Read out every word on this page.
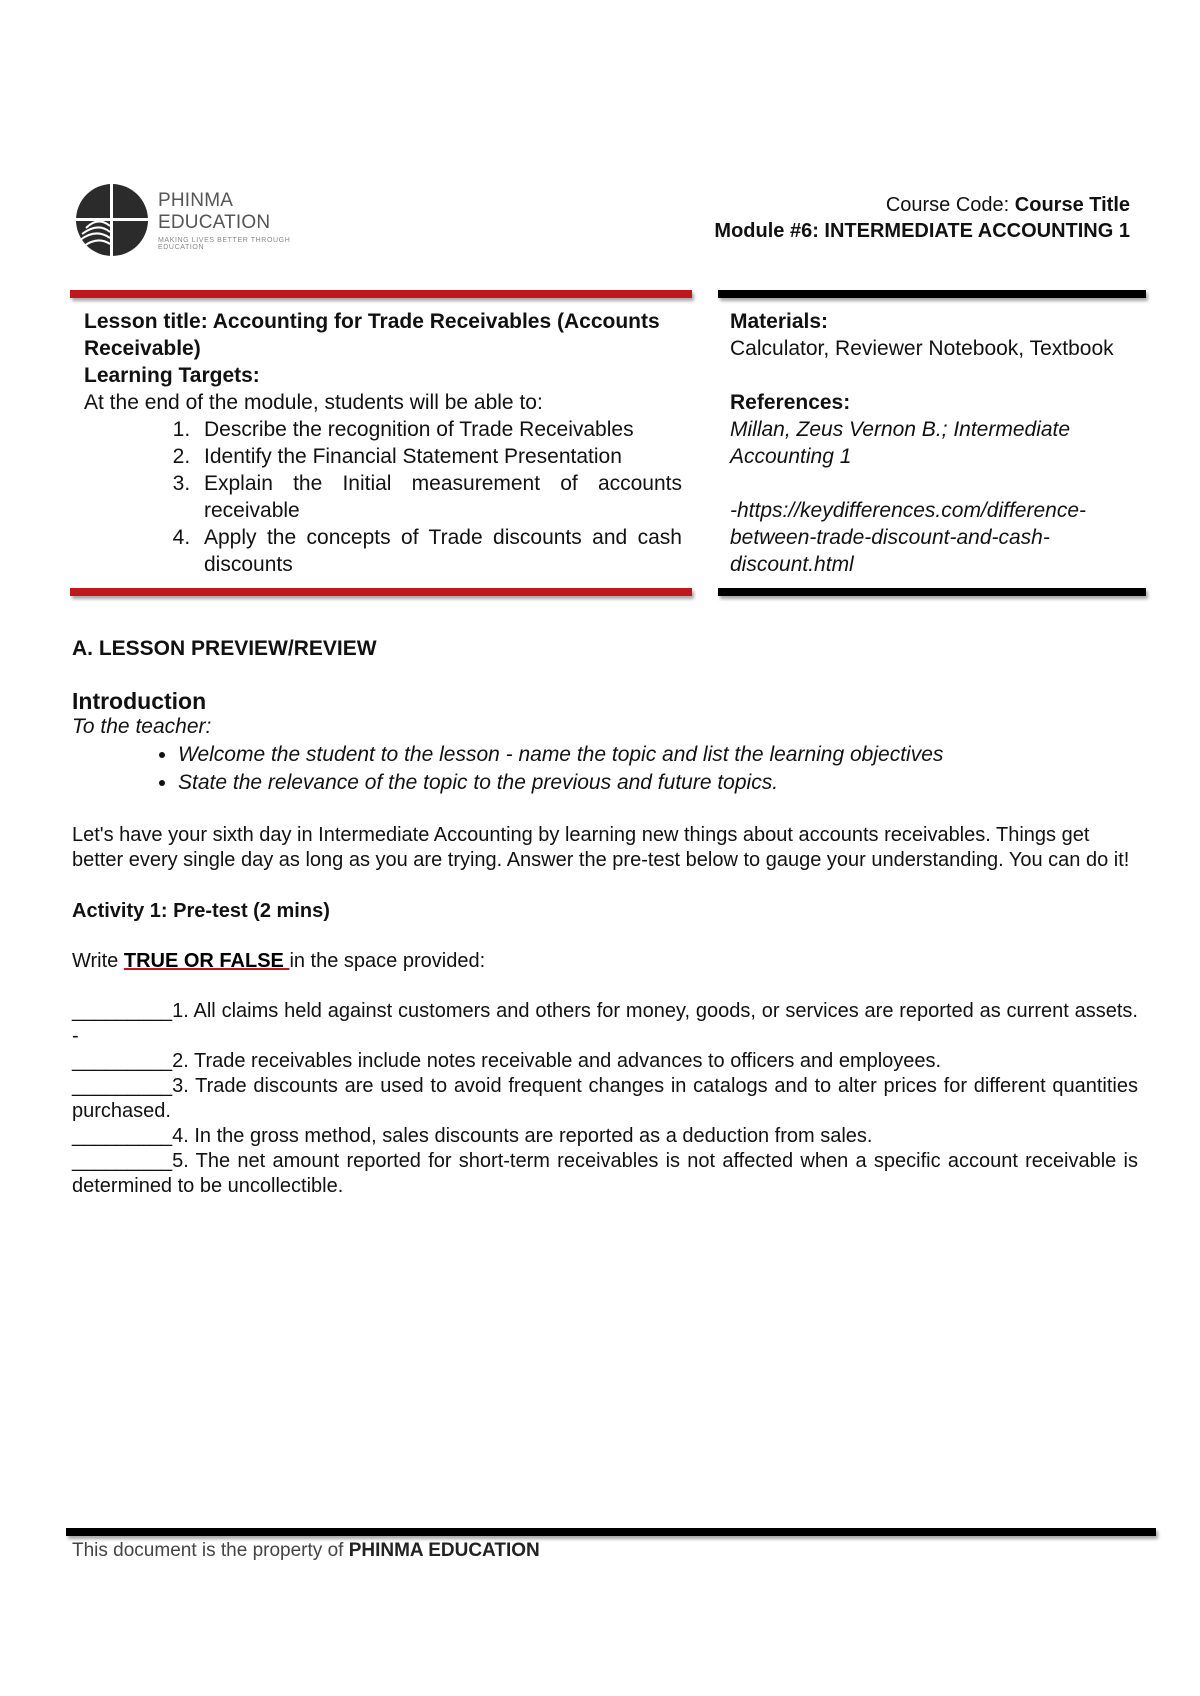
PHINMA EDUCATION
MAKING LIVES BETTER THROUGH EDUCATION
Course Code: Course Title
Module #6: INTERMEDIATE ACCOUNTING 1
Lesson title: Accounting for Trade Receivables (Accounts Receivable)
Learning Targets:
At the end of the module, students will be able to:
1. Describe the recognition of Trade Receivables
2. Identify the Financial Statement Presentation
3. Explain the Initial measurement of accounts receivable
4. Apply the concepts of Trade discounts and cash discounts
Materials:
Calculator, Reviewer Notebook, Textbook
References:
Millan, Zeus Vernon B.; Intermediate Accounting 1
-https://keydifferences.com/difference-between-trade-discount-and-cash-discount.html
A. LESSON PREVIEW/REVIEW
Introduction
To the teacher:
• Welcome the student to the lesson - name the topic and list the learning objectives
• State the relevance of the topic to the previous and future topics.
Let's have your sixth day in Intermediate Accounting by learning new things about accounts receivables. Things get better every single day as long as you are trying. Answer the pre-test below to gauge your understanding. You can do it!
Activity 1: Pre-test (2 mins)
Write TRUE OR FALSE in the space provided:
_________1. All claims held against customers and others for money, goods, or services are reported as current assets. -
_________2. Trade receivables include notes receivable and advances to officers and employees.
_________3. Trade discounts are used to avoid frequent changes in catalogs and to alter prices for different quantities purchased.
_________4. In the gross method, sales discounts are reported as a deduction from sales.
_________5. The net amount reported for short-term receivables is not affected when a specific account receivable is determined to be uncollectible.
This document is the property of PHINMA EDUCATION
